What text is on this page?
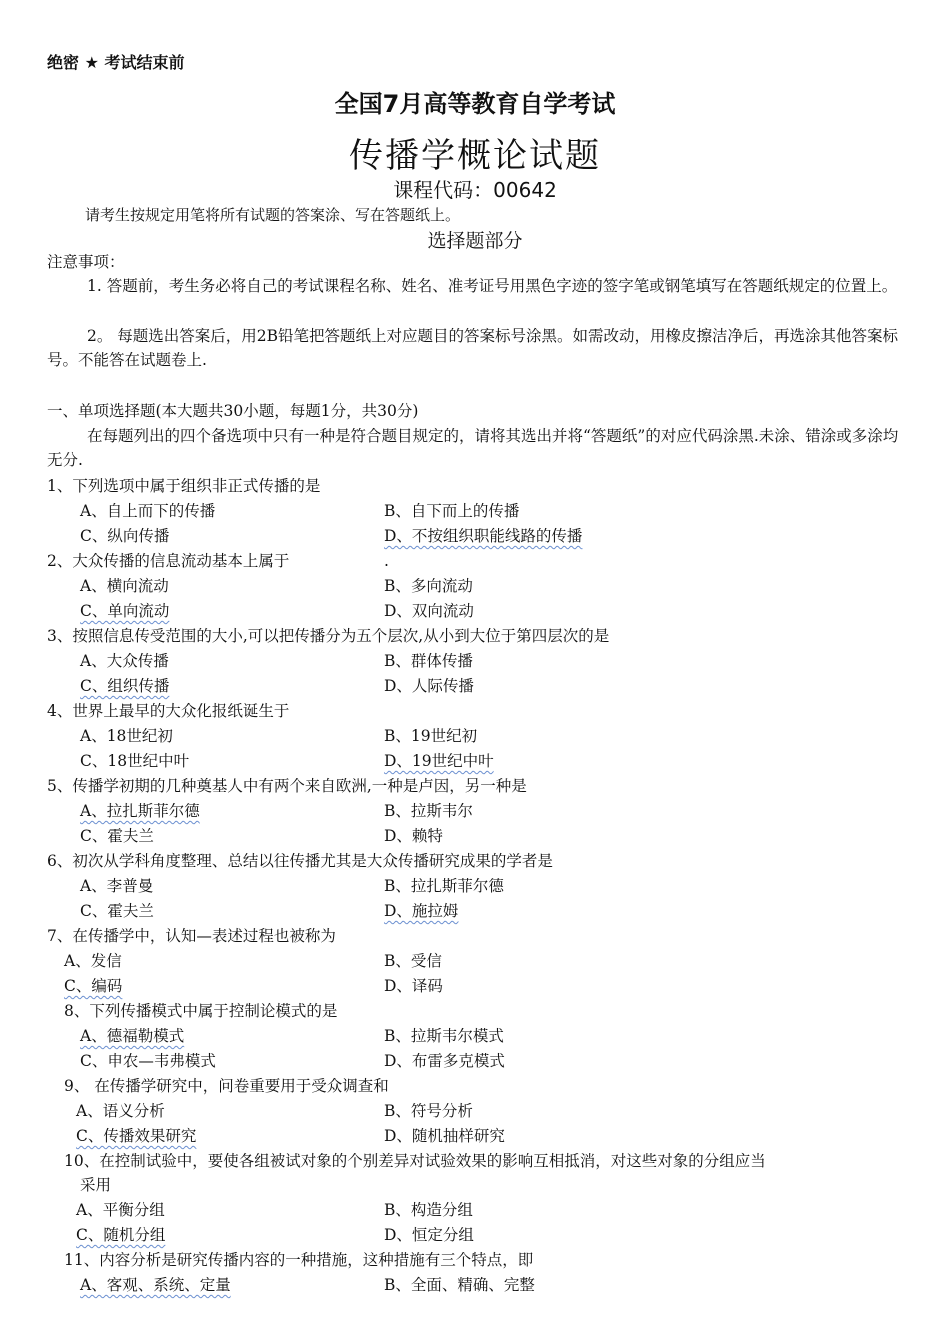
绝密 ★ 考试结束前
全国7月高等教育自学考试
传播学概论试题
课程代码：00642
请考生按规定用笔将所有试题的答案涂、写在答题纸上。
选择题部分
注意事项：
1. 答题前，考生务必将自己的考试课程名称、姓名、准考证号用黑色字迹的签字笔或钢笔填写在答题纸规定的位置上。
2。 每题选出答案后，用2B铅笔把答题纸上对应题目的答案标号涂黑。如需改动，用橡皮擦洁净后，再选涂其他答案标号。不能答在试题卷上.
一、单项选择题(本大题共30小题，每题1分，共30分)
在每题列出的四个备选项中只有一种是符合题目规定的，请将其选出并将“答题纸”的对应代码涂黑.未涂、错涂或多涂均无分.
1、下列选项中属于组织非正式传播的是
A、自上而下的传播	B、自下而上的传播
C、纵向传播	D、不按组织职能线路的传播
2、大众传播的信息流动基本上属于	.
A、横向流动	B、多向流动
C、单向流动	D、双向流动
3、按照信息传受范围的大小,可以把传播分为五个层次,从小到大位于第四层次的是
A、大众传播	B、群体传播
C、组织传播	D、人际传播
4、世界上最早的大众化报纸诞生于
A、18世纪初	B、19世纪初
C、18世纪中叶	D、19世纪中叶
5、传播学初期的几种奠基人中有两个来自欧洲,一种是卢因，另一种是
A、拉扎斯菲尔德	B、拉斯韦尔
C、霍夫兰	D、赖特
6、初次从学科角度整理、总结以往传播尤其是大众传播研究成果的学者是
A、李普曼	B、拉扎斯菲尔德
C、霍夫兰	D、施拉姆
7、在传播学中，认知—表述过程也被称为
A、发信	B、受信
C、编码	D、译码
8、下列传播模式中属于控制论模式的是
A、德福勒模式	B、拉斯韦尔模式
C、申农—韦弗模式	D、布雷多克模式
9、 在传播学研究中，问卷重要用于受众调查和
A、语义分析	B、符号分析
C、传播效果研究	D、随机抽样研究
10、在控制试验中，要使各组被试对象的个别差异对试验效果的影响互相抵消，对这些对象的分组应当
采用
A、平衡分组	B、构造分组
C、随机分组	D、恒定分组
11、内容分析是研究传播内容的一种措施，这种措施有三个特点，即
A、客观、系统、定量	B、全面、精确、完整
